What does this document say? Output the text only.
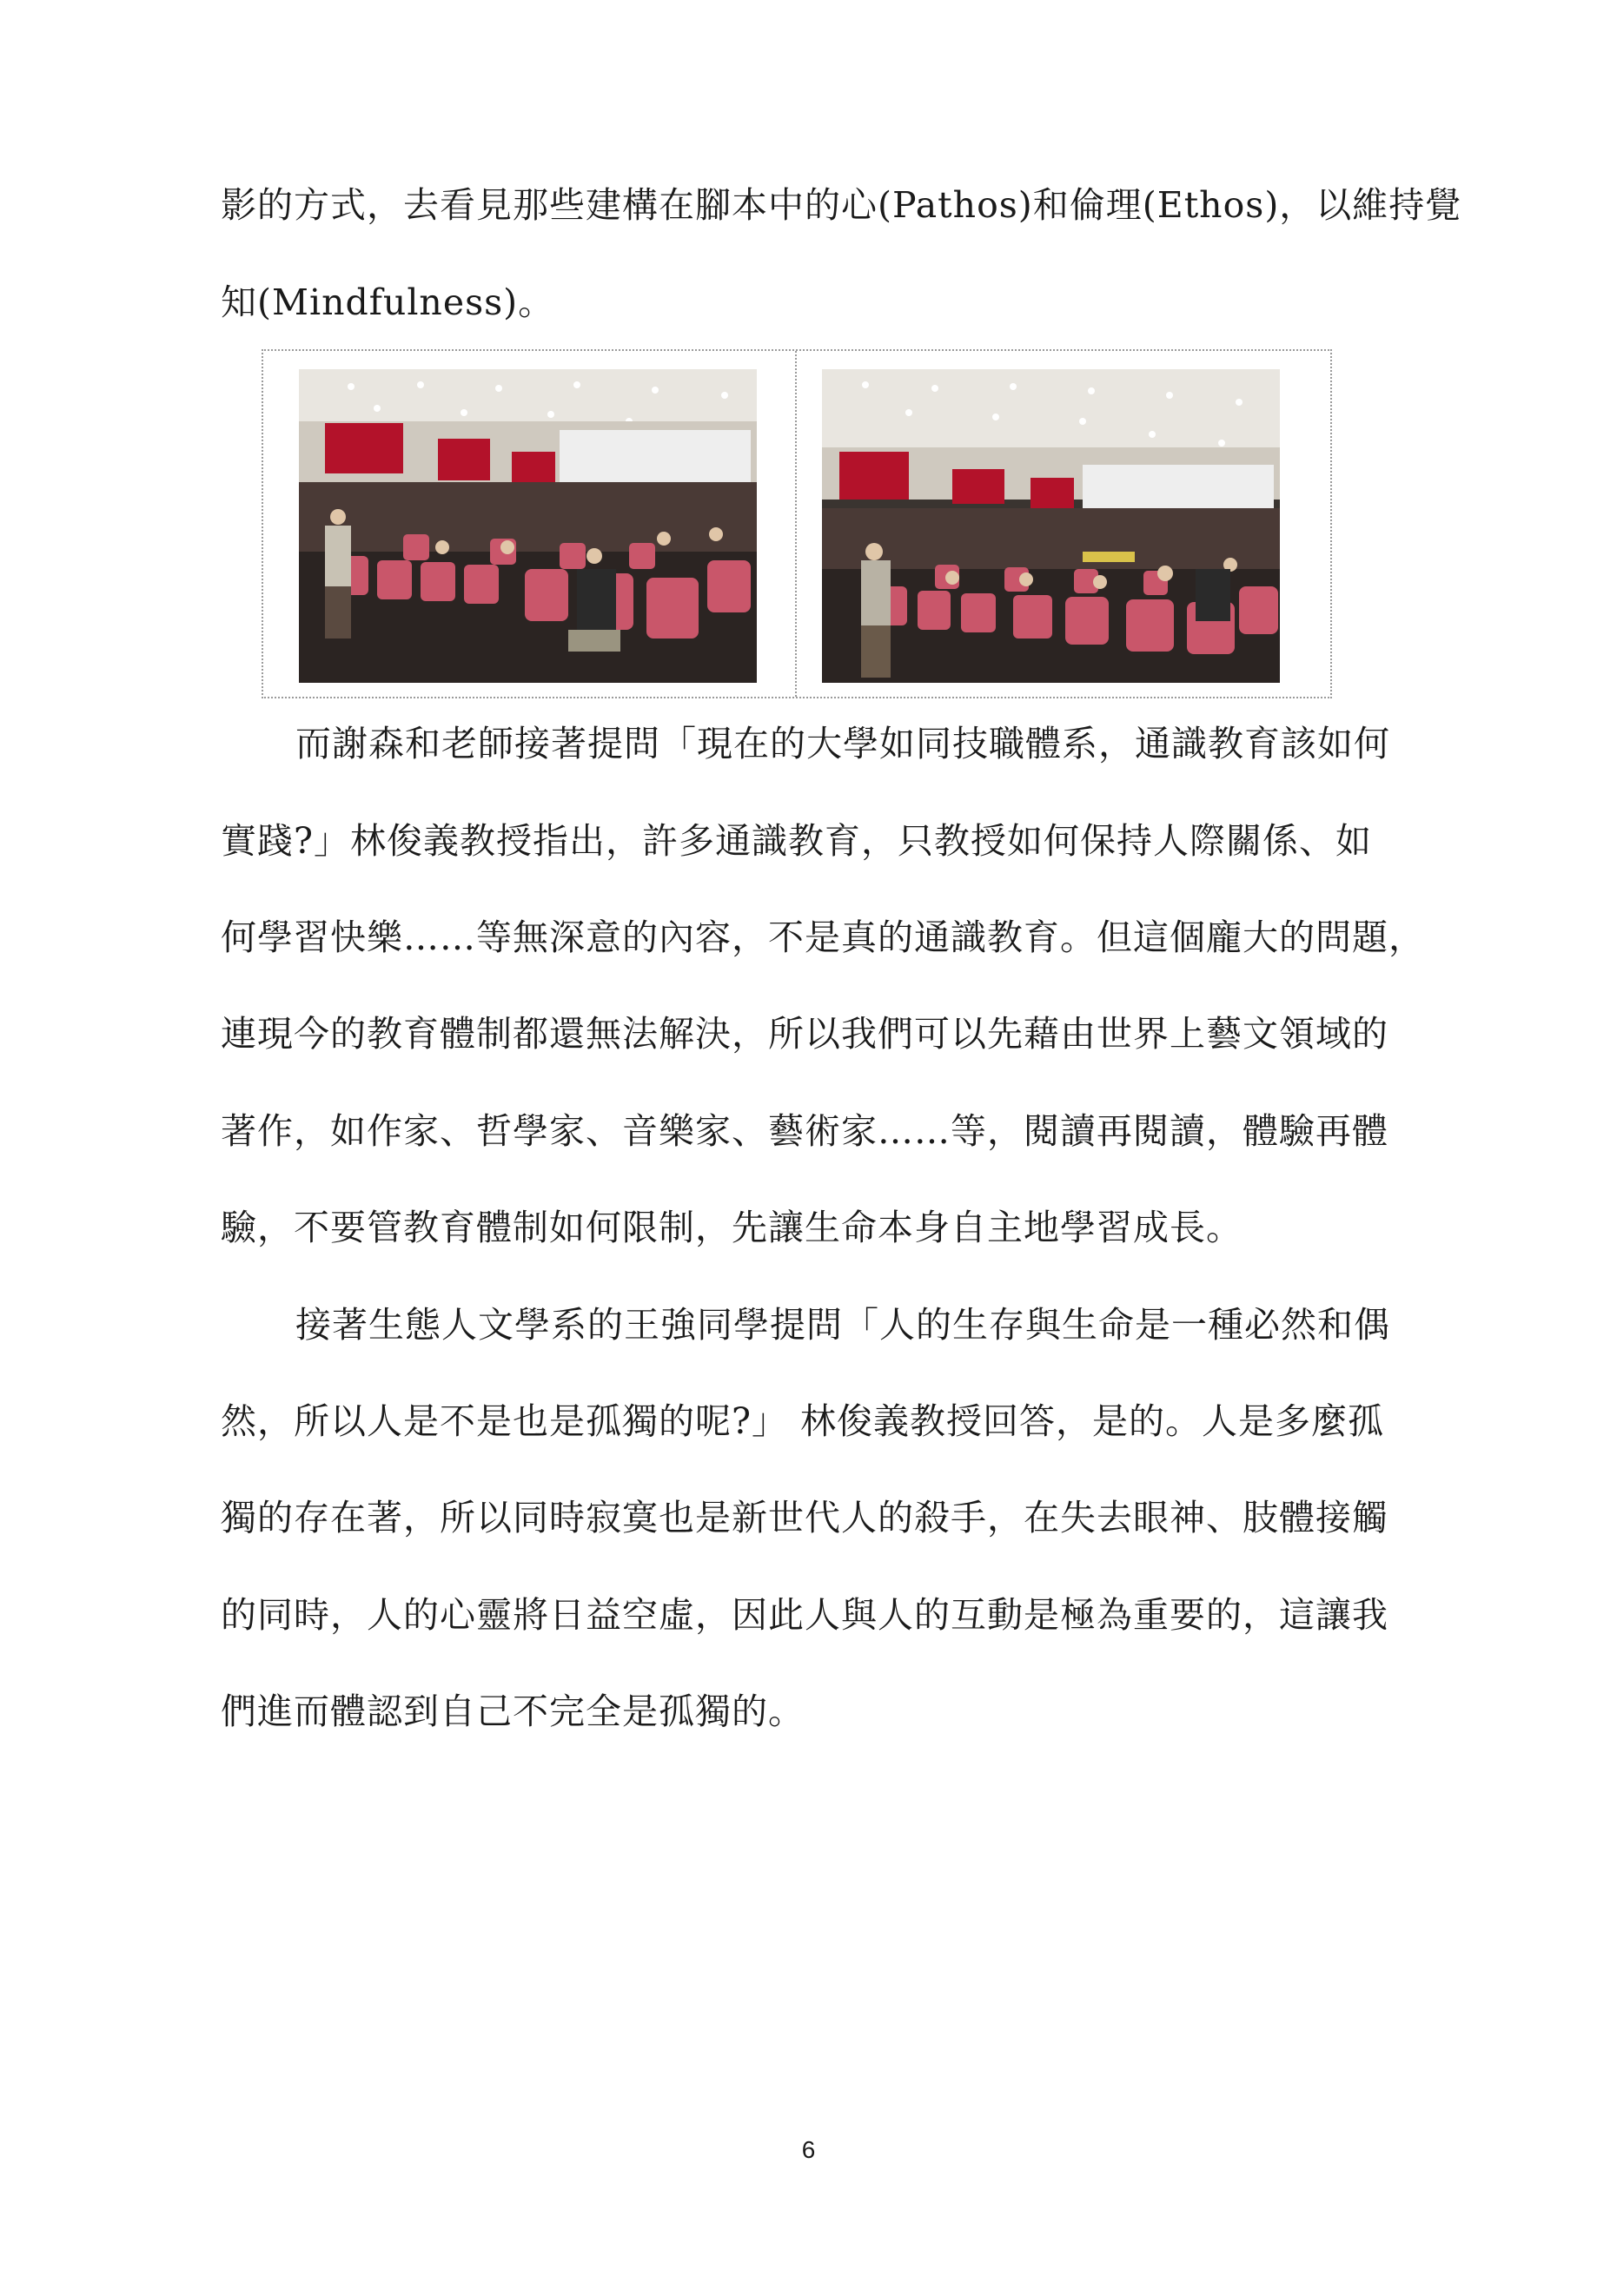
影的方式，去看見那些建構在腳本中的心(Pathos)和倫理(Ethos)，以維持覺
知(Mindfulness)。
而謝森和老師接著提問「現在的大學如同技職體系，通識教育該如何
實踐?」林俊義教授指出，許多通識教育，只教授如何保持人際關係、如
何學習快樂……等無深意的內容，不是真的通識教育。但這個龐大的問題，
連現今的教育體制都還無法解決，所以我們可以先藉由世界上藝文領域的
著作，如作家、哲學家、音樂家、藝術家……等，閱讀再閱讀，體驗再體
驗，不要管教育體制如何限制，先讓生命本身自主地學習成長。
接著生態人文學系的王強同學提問「人的生存與生命是一種必然和偶
然，所以人是不是也是孤獨的呢?」 林俊義教授回答，是的。人是多麼孤
獨的存在著，所以同時寂寞也是新世代人的殺手，在失去眼神、肢體接觸
的同時，人的心靈將日益空虛，因此人與人的互動是極為重要的，這讓我
們進而體認到自己不完全是孤獨的。
6
